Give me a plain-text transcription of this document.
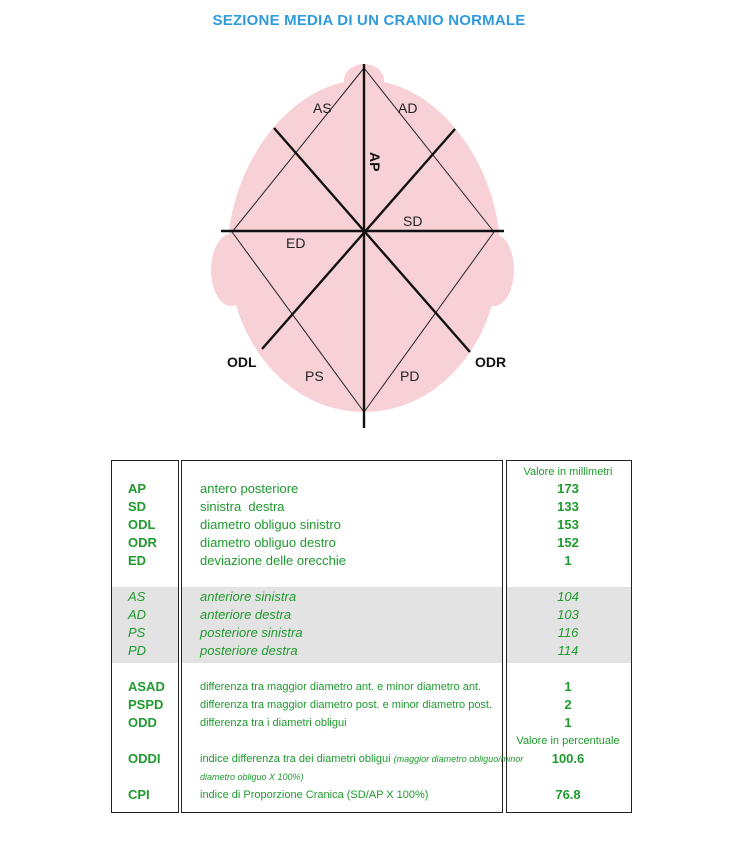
SEZIONE MEDIA DI UN CRANIO NORMALE
AS	AD
ED
SD
PS	PD
AP
ODL	ODR
Valore in millimetri
AP	antero posteriore	173
SD	sinistra  destra	133
ODL	diametro obliguo sinistro	153
ODR	diametro obliguo destro	152
ED	deviazione delle orecchie	1
AS	anteriore sinistra	104
AD	anteriore destra	103
PS	posteriore sinistra	116
PD	posteriore destra	114
ASAD	differenza tra maggior diametro ant. e minor diametro ant.	1
PSPD	differenza tra maggior diametro post. e minor diametro post.	2
ODD	differenza tra i diametri obligui	1
Valore in percentuale
ODDI	indice differenza tra dei diametri obligui (maggior diametro obliguo/minor	100.6
diametro obliguo X 100%)
CPI	indice di Proporzione Cranica (SD/AP X 100%)	76.8
